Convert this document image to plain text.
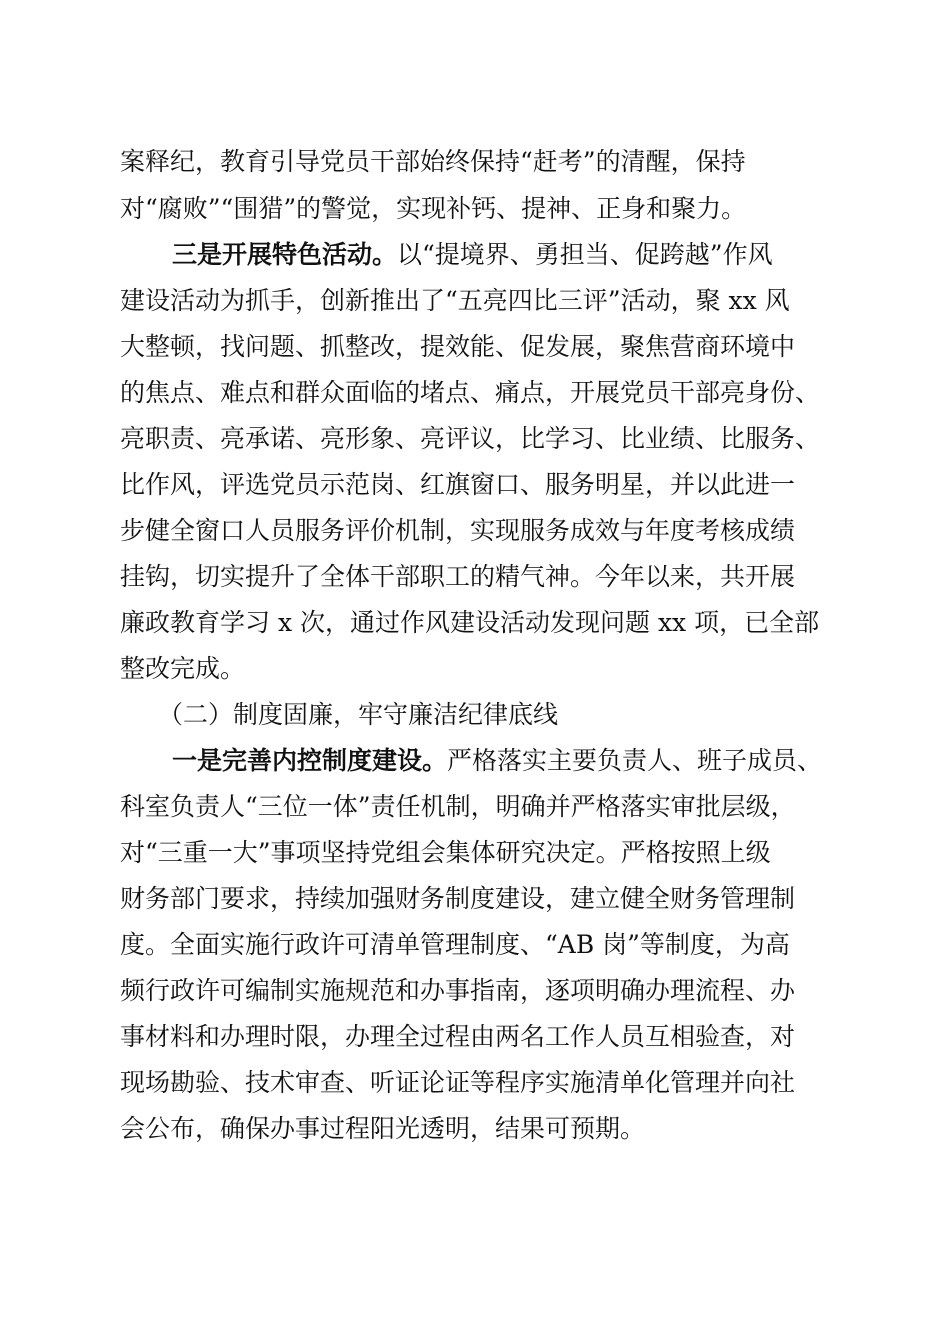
案释纪，教育引导党员干部始终保持“赶考”的清醒，保持
对“腐败”“围猎”的警觉，实现补钙、提神、正身和聚力。
三是开展特色活动。以“提境界、勇担当、促跨越”作风
建设活动为抓手，创新推出了“五亮四比三评”活动，聚 xx 风
大整顿，找问题、抓整改，提效能、促发展，聚焦营商环境中
的焦点、难点和群众面临的堵点、痛点，开展党员干部亮身份、
亮职责、亮承诺、亮形象、亮评议，比学习、比业绩、比服务、
比作风，评选党员示范岗、红旗窗口、服务明星，并以此进一
步健全窗口人员服务评价机制，实现服务成效与年度考核成绩
挂钩，切实提升了全体干部职工的精气神。今年以来，共开展
廉政教育学习 x 次，通过作风建设活动发现问题 xx 项，已全部
整改完成。
（二）制度固廉，牢守廉洁纪律底线
一是完善内控制度建设。严格落实主要负责人、班子成员、
科室负责人“三位一体”责任机制，明确并严格落实审批层级，
对“三重一大”事项坚持党组会集体研究决定。严格按照上级
财务部门要求，持续加强财务制度建设，建立健全财务管理制
度。全面实施行政许可清单管理制度、“AB 岗”等制度，为高
频行政许可编制实施规范和办事指南，逐项明确办理流程、办
事材料和办理时限，办理全过程由两名工作人员互相验查，对
现场勘验、技术审查、听证论证等程序实施清单化管理并向社
会公布，确保办事过程阳光透明，结果可预期。
